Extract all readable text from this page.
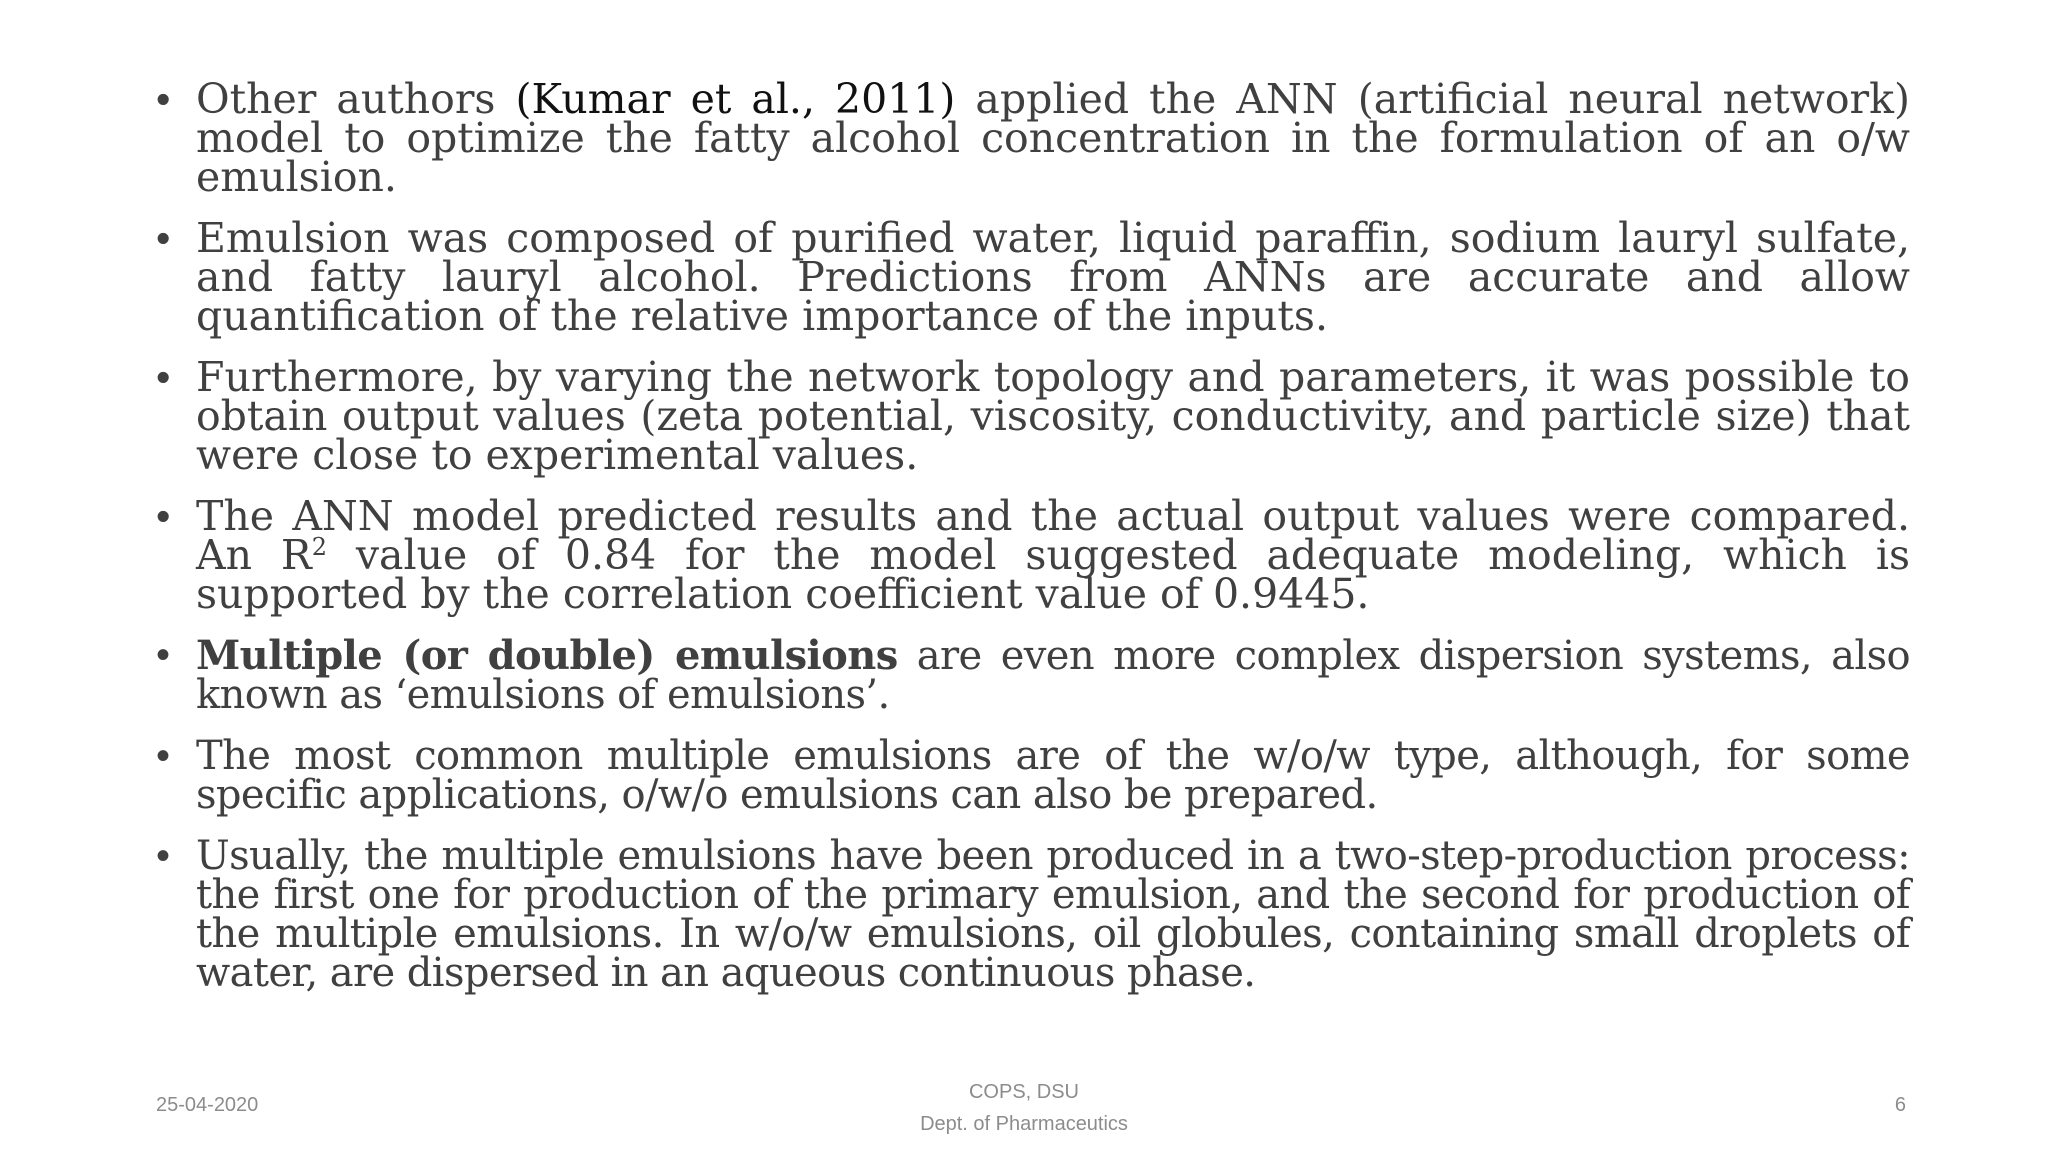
• Other authors (Kumar et al., 2011) applied the ANN (artificial neural network) model to optimize the fatty alcohol concentration in the formulation of an o/w emulsion.
• Emulsion was composed of purified water, liquid paraffin, sodium lauryl sulfate, and fatty lauryl alcohol. Predictions from ANNs are accurate and allow quantification of the relative importance of the inputs.
• Furthermore, by varying the network topology and parameters, it was possible to obtain output values (zeta potential, viscosity, conductivity, and particle size) that were close to experimental values.
• The ANN model predicted results and the actual output values were compared. An $R^2$ value of 0.84 for the model suggested adequate modeling, which is supported by the correlation coefficient value of 0.9445.
• Multiple (or double) emulsions are even more complex dispersion systems, also known as ‘emulsions of emulsions’.
• The most common multiple emulsions are of the w/o/w type, although, for some specific applications, o/w/o emulsions can also be prepared.
• Usually, the multiple emulsions have been produced in a two-step-production process: the first one for production of the primary emulsion, and the second for production of the multiple emulsions. In w/o/w emulsions, oil globules, containing small droplets of water, are dispersed in an aqueous continuous phase.
25-04-2020
COPS, DSU
Dept. of Pharmaceutics
6
